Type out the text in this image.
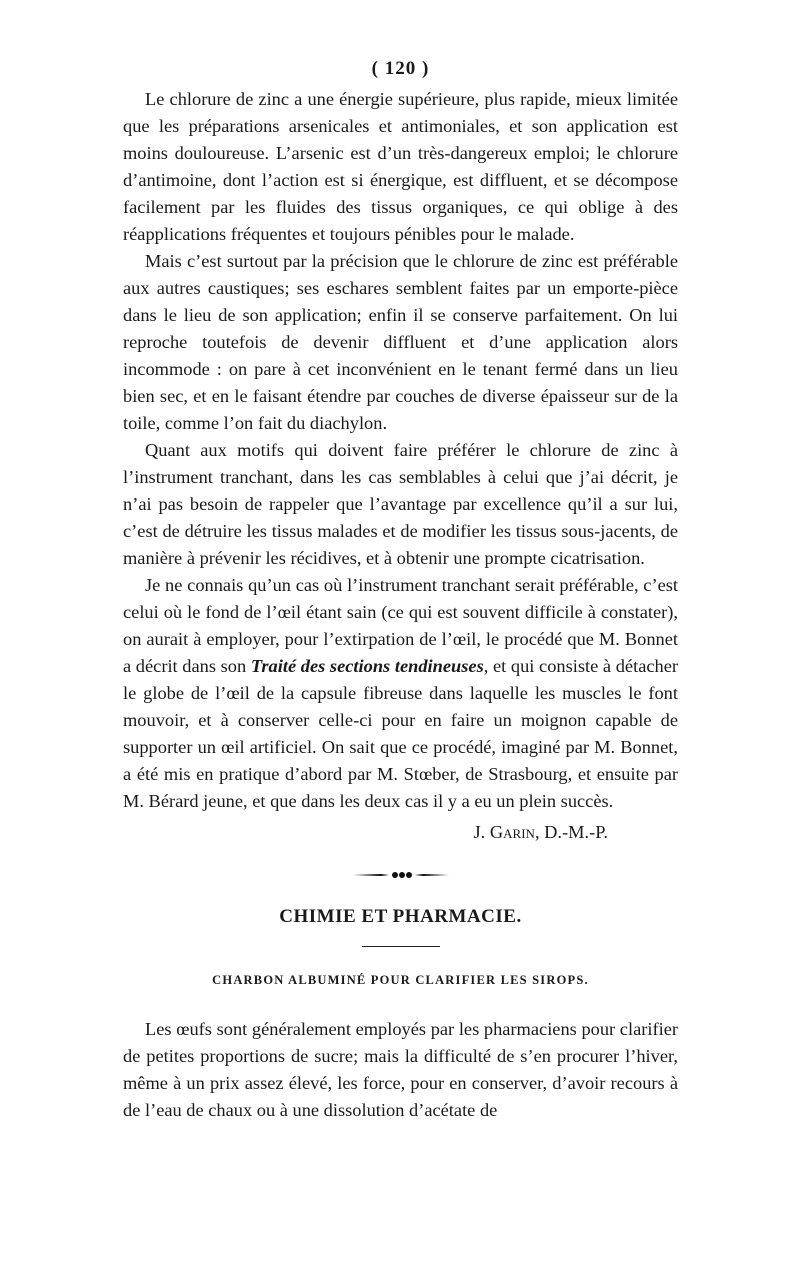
( 120 )

Le chlorure de zinc a une énergie supérieure, plus rapide, mieux limitée que les préparations arsenicales et antimoniales, et son application est moins douloureuse. L’arsenic est d’un très-dangereux emploi; le chlorure d’antimoine, dont l’action est si énergique, est diffluent, et se décompose facilement par les fluides des tissus organiques, ce qui oblige à des réapplications fréquentes et toujours pénibles pour le malade.

Mais c’est surtout par la précision que le chlorure de zinc est préférable aux autres caustiques; ses eschares semblent faites par un emporte-pièce dans le lieu de son application; enfin il se conserve parfaitement. On lui reproche toutefois de devenir diffluent et d’une application alors incommode : on pare à cet inconvénient en le tenant fermé dans un lieu bien sec, et en le faisant étendre par couches de diverse épaisseur sur de la toile, comme l’on fait du diachylon.

Quant aux motifs qui doivent faire préférer le chlorure de zinc à l’instrument tranchant, dans les cas semblables à celui que j’ai décrit, je n’ai pas besoin de rappeler que l’avantage par excellence qu’il a sur lui, c’est de détruire les tissus malades et de modifier les tissus sous-jacents, de manière à prévenir les récidives, et à obtenir une prompte cicatrisation.

Je ne connais qu’un cas où l’instrument tranchant serait préférable, c’est celui où le fond de l’œil étant sain (ce qui est souvent difficile à constater), on aurait à employer, pour l’extirpation de l’œil, le procédé que M. Bonnet a décrit dans son Traité des sections tendineuses, et qui consiste à détacher le globe de l’œil de la capsule fibreuse dans laquelle les muscles le font mouvoir, et à conserver celle-ci pour en faire un moignon capable de supporter un œil artificiel. On sait que ce procédé, imaginé par M. Bonnet, a été mis en pratique d’abord par M. Stœber, de Strasbourg, et ensuite par M. Bérard jeune, et que dans les deux cas il y a eu un plein succès.

J. Garin, D.-M.-P.
CHIMIE ET PHARMACIE.
CHARBON ALBUMINÉ POUR CLARIFIER LES SIROPS.

Les œufs sont généralement employés par les pharmaciens pour clarifier de petites proportions de sucre; mais la difficulté de s’en procurer l’hiver, même à un prix assez élevé, les force, pour en conserver, d’avoir recours à de l’eau de chaux ou à une dissolution d’acétate de
